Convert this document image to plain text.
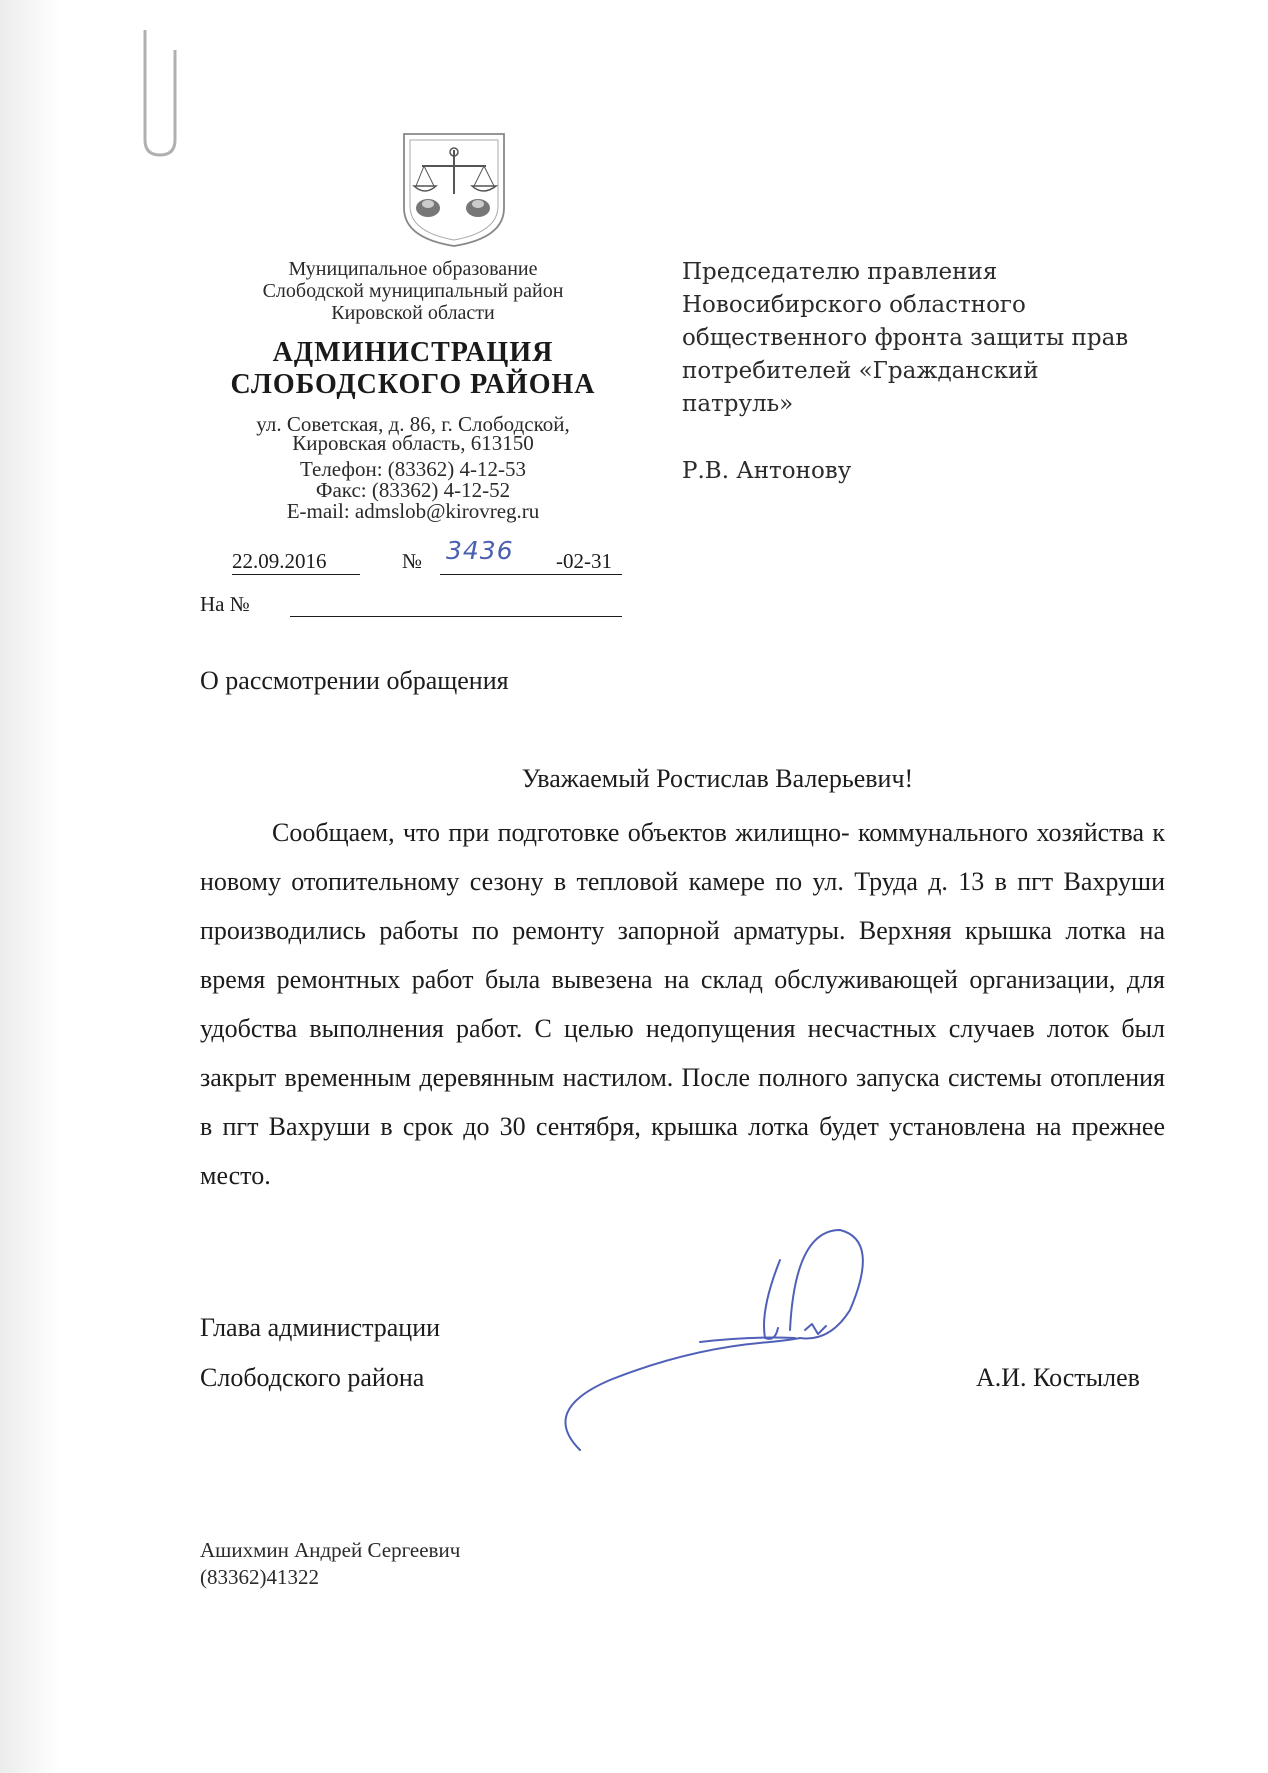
Муниципальное образование
Слободской муниципальный район
Кировской области
АДМИНИСТРАЦИЯ
СЛОБОДСКОГО РАЙОНА
ул. Советская, д. 86, г. Слободской,
Кировская область, 613150
Телефон: (83362) 4-12-53
Факс: (83362) 4-12-52
E-mail: admslob@kirovreg.ru
22.09.2016	№ 3436 -02-31
На №
Председателю правления
Новосибирского областного
общественного фронта защиты прав
потребителей «Гражданский
патруль»
Р.В. Антонову
О рассмотрении обращения
Уважаемый Ростислав Валерьевич!
Сообщаем, что при подготовке объектов жилищно- коммунального хозяйства к новому отопительному сезону в тепловой камере по ул. Труда д. 13 в пгт Вахруши производились работы по ремонту запорной арматуры. Верхняя крышка лотка на время ремонтных работ была вывезена на склад обслуживающей организации, для удобства выполнения работ. С целью недопущения несчастных случаев лоток был закрыт временным деревянным настилом. После полного запуска системы отопления в пгт Вахруши в срок до 30 сентября, крышка лотка будет установлена на прежнее место.
Глава администрации
Слободского района	А.И. Костылев
Ашихмин Андрей Сергеевич
(83362)41322
